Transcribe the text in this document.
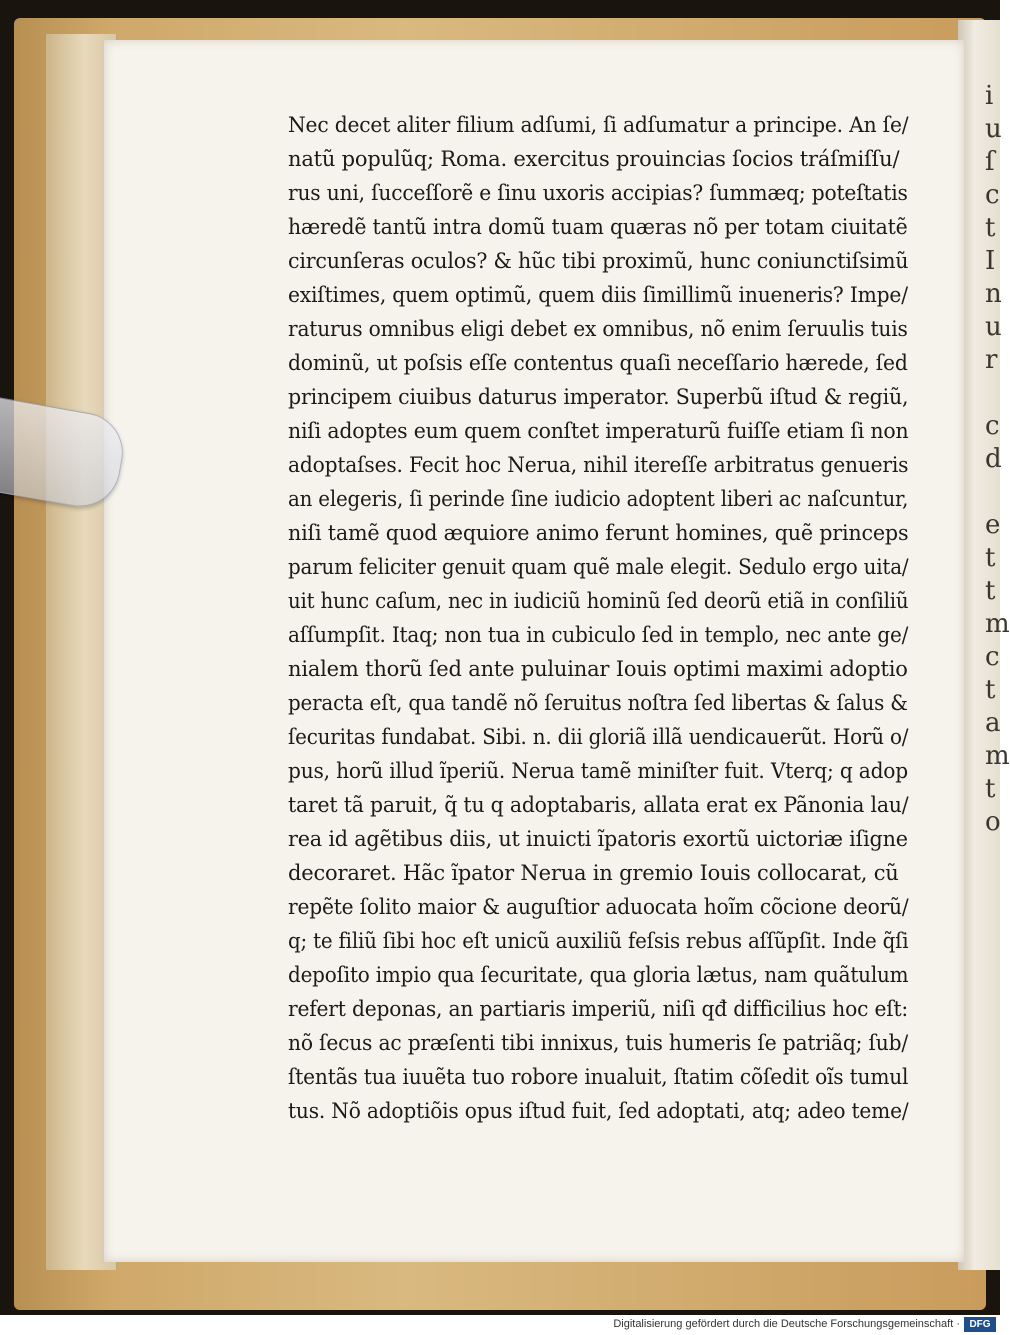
i
u
ſ
c
t
I
n
u
r

c
d

e
t
t
m
c
t
a
m
t
o
Nec decet aliter filium adſumi, ſi adſumatur a principe. An ſe/
natũ populũq; Roma. exercitus prouincias ſocios tráſmiſſu/
rus uni, ſucceſſorẽ e ſinu uxoris accipias? ſummæq; poteſtatis
hæredẽ tantũ intra domũ tuam quæras nõ per totam ciuitatẽ
circunſeras oculos? & hũc tibi proximũ, hunc coniunctiſsimũ
exiſtimes, quem optimũ, quem diis ſimillimũ inueneris? Impe/
raturus omnibus eligi debet ex omnibus, nõ enim ſeruulis tuis
dominũ, ut poſsis eſſe contentus quaſi neceſſario hærede, ſed
principem ciuibus daturus imperator. Superbũ iſtud & regiũ,
niſi adoptes eum quem conſtet imperaturũ fuiſſe etiam ſi non
adoptaſses. Fecit hoc Nerua, nihil itereſſe arbitratus genueris
an elegeris, ſi perinde ſine iudicio adoptent liberi ac naſcuntur,
niſi tamẽ quod æquiore animo ferunt homines, quẽ princeps
parum feliciter genuit quam quẽ male elegit. Sedulo ergo uita/
uit hunc caſum, nec in iudiciũ hominũ ſed deorũ etiã in conſiliũ
aſſumpſit. Itaq; non tua in cubiculo ſed in templo, nec ante ge/
nialem thorũ ſed ante puluinar Iouis optimi maximi adoptio
peracta eſt, qua tandẽ nõ ſeruitus noſtra ſed libertas & ſalus &
ſecuritas fundabat. Sibi. n. dii gloriã illã uendicauerũt. Horũ o/
pus, horũ illud ĩperiũ. Nerua tamẽ miniſter fuit. Vterq; q adop
taret tã paruit, q̃ tu q adoptabaris, allata erat ex Pãnonia lau/
rea id agẽtibus diis, ut inuicti ĩpatoris exortũ uictoriæ iſigne
decoraret. Hãc ĩpator Nerua in gremio Iouis collocarat, cũ
repẽte ſolito maior & auguſtior aduocata hoĩm cõcione deorũ/
q; te filiũ ſibi hoc eſt unicũ auxiliũ feſsis rebus aſſũpſit. Inde q̃ſi
depoſito impio qua ſecuritate, qua gloria lætus, nam quãtulum
refert deponas, an partiaris imperiũ, niſi qđ difficilius hoc eſt:
nõ ſecus ac præſenti tibi innixus, tuis humeris ſe patriãq; ſub/
ſtentãs tua iuuẽta tuo robore inualuit, ſtatim cõſedit oĩs tumul
tus. Nõ adoptiõis opus iſtud fuit, ſed adoptati, atq; adeo teme/
Digitalisierung gefördert durch die Deutsche Forschungsgemeinschaft · DFG
